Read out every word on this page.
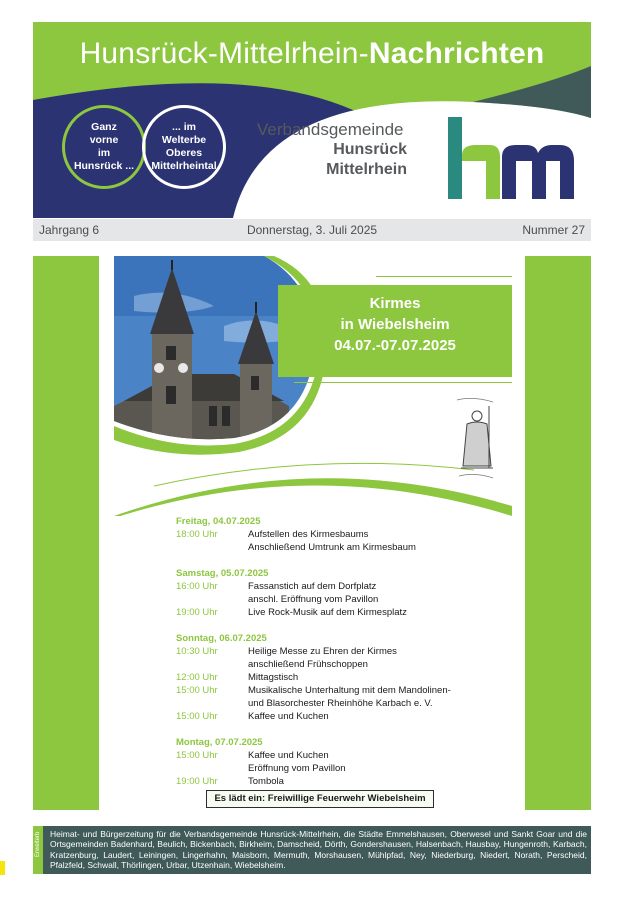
Hunsrück-Mittelrhein-Nachrichten
Ganz
vorne
im
Hunsrück ...
... im
Welterbe
Oberes
Mittelrheintal
Verbandsgemeinde
Hunsrück
Mittelrhein
Jahrgang 6	Donnerstag, 3. Juli 2025	Nummer 27
Kirmes
in Wiebelsheim
04.07.-07.07.2025
Freitag, 04.07.2025
18:00 Uhr	Aufstellen des Kirmesbaums
Anschließend Umtrunk am Kirmesbaum
Samstag, 05.07.2025
16:00 Uhr	Fassanstich auf dem Dorfplatz
anschl. Eröffnung vom Pavillon
19:00 Uhr	Live Rock-Musik auf dem Kirmesplatz
Sonntag, 06.07.2025
10:30 Uhr	Heilige Messe zu Ehren der Kirmes
anschließend Frühschoppen
12:00 Uhr	Mittagstisch
15:00 Uhr	Musikalische Unterhaltung mit dem Mandolinen-
und Blasorchester Rheinhöhe Karbach e. V.
15:00 Uhr	Kaffee und Kuchen
Montag, 07.07.2025
15:00 Uhr	Kaffee und Kuchen
Eröffnung vom Pavillon
19:00 Uhr	Tombola
Es lädt ein: Freiwillige Feuerwehr Wiebelsheim
Erweiterb Heimat- und Bürgerzeitung für die Verbandsgemeinde Hunsrück-Mittelrhein, die Städte Emmelshausen, Oberwesel und Sankt Goar und die Ortsgemeinden Badenhard, Beulich, Bickenbach, Birkheim, Damscheid, Dörth, Gondershausen, Halsenbach, Hausbay, Hungenroth, Karbach, Kratzenburg, Laudert, Leiningen, Lingerhahn, Maisborn, Mermuth, Morshausen, Mühlpfad, Ney, Niederburg, Niedert, Norath, Perscheid, Pfalzfeld, Schwall, Thörlingen, Urbar, Utzenhain, Wiebelsheim.
